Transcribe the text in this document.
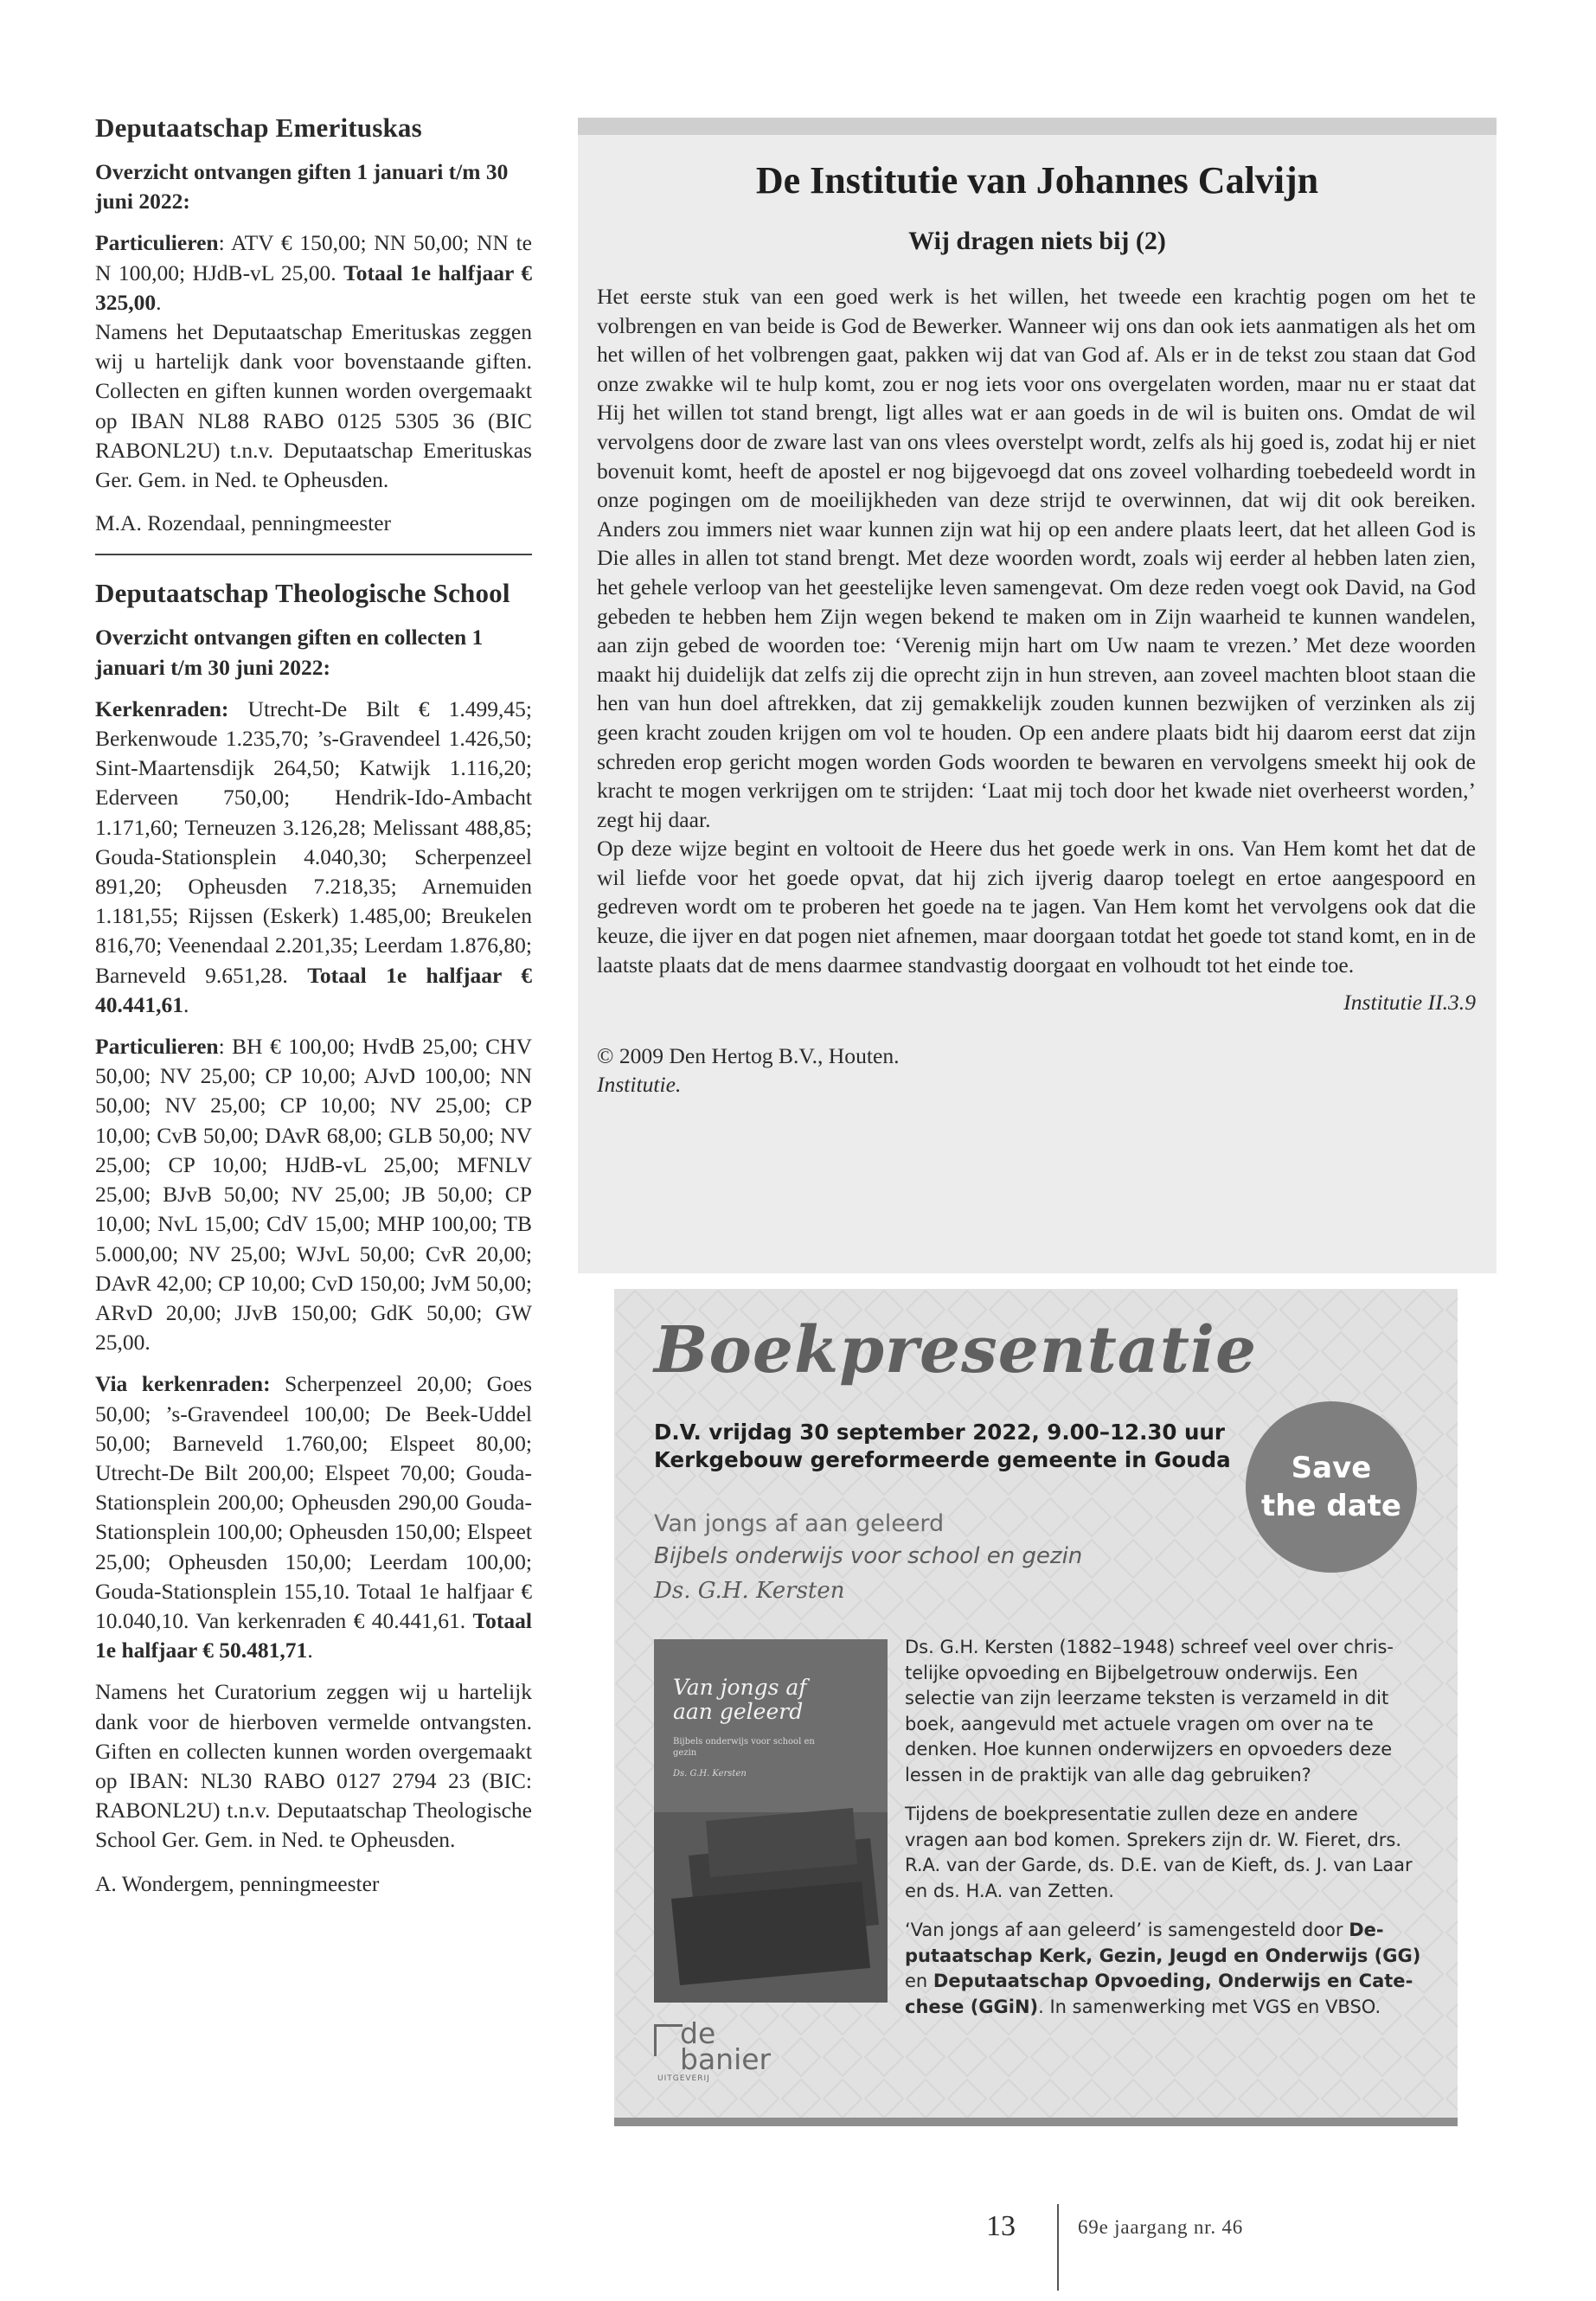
Deputaatschap Emerituskas
Overzicht ontvangen giften 1 januari t/m 30 juni 2022:

Particulieren: ATV € 150,00; NN 50,00; NN te N 100,00; HJdB-vL 25,00. Totaal 1e halfjaar € 325,00.

Namens het Deputaatschap Emerituskas zeggen wij u hartelijk dank voor bovenstaande giften. Collecten en giften kunnen worden overgemaakt op IBAN NL88 RABO 0125 5305 36 (BIC RABONL2U) t.n.v. Deputaatschap Emerituskas Ger. Gem. in Ned. te Opheusden.

M.A. Rozendaal, penningmeester

Deputaatschap Theologische School
Overzicht ontvangen giften en collecten 1 januari t/m 30 juni 2022:

Kerkenraden: Utrecht-De Bilt € 1.499,45; Berkenwoude 1.235,70; ’s-Gravendeel 1.426,50; Sint-Maartensdijk 264,50; Katwijk 1.116,20; Ederveen 750,00; Hendrik-Ido-Ambacht 1.171,60; Terneuzen 3.126,28; Melissant 488,85; Gouda-Stationsplein 4.040,30; Scherpenzeel 891,20; Opheusden 7.218,35; Arnemuiden 1.181,55; Rijssen (Eskerk) 1.485,00; Breukelen 816,70; Veenendaal 2.201,35; Leerdam 1.876,80; Barneveld 9.651,28. Totaal 1e halfjaar € 40.441,61.

Particulieren: BH € 100,00; HvdB 25,00; CHV 50,00; NV 25,00; CP 10,00; AJvD 100,00; NN 50,00; NV 25,00; CP 10,00; NV 25,00; CP 10,00; CvB 50,00; DAvR 68,00; GLB 50,00; NV 25,00; CP 10,00; HJdB-vL 25,00; MFNLV 25,00; BJvB 50,00; NV 25,00; JB 50,00; CP 10,00; NvL 15,00; CdV 15,00; MHP 100,00; TB 5.000,00; NV 25,00; WJvL 50,00; CvR 20,00; DAvR 42,00; CP 10,00; CvD 150,00; JvM 50,00; ARvD 20,00; JJvB 150,00; GdK 50,00; GW 25,00.

Via kerkenraden: Scherpenzeel 20,00; Goes 50,00; ’s-Gravendeel 100,00; De Beek-Uddel 50,00; Barneveld 1.760,00; Elspeet 80,00; Utrecht-De Bilt 200,00; Elspeet 70,00; Gouda-Stationsplein 200,00; Opheusden 290,00 Gouda-Stationsplein 100,00; Opheusden 150,00; Elspeet 25,00; Opheusden 150,00; Leerdam 100,00; Gouda-Stationsplein 155,10. Totaal 1e halfjaar € 10.040,10. Van kerkenraden € 40.441,61. Totaal 1e halfjaar € 50.481,71.

Namens het Curatorium zeggen wij u hartelijk dank voor de hierboven vermelde ontvangsten. Giften en collecten kunnen worden overgemaakt op IBAN: NL30 RABO 0127 2794 23 (BIC: RABONL2U) t.n.v. Deputaatschap Theologische School Ger. Gem. in Ned. te Opheusden.

A. Wondergem, penningmeester

De Institutie van Johannes Calvijn
Wij dragen niets bij (2)

Het eerste stuk van een goed werk is het willen, het tweede een krachtig pogen om het te volbrengen en van beide is God de Bewerker. Wanneer wij ons dan ook iets aanmatigen als het om het willen of het volbrengen gaat, pakken wij dat van God af. Als er in de tekst zou staan dat God onze zwakke wil te hulp komt, zou er nog iets voor ons overgelaten worden, maar nu er staat dat Hij het willen tot stand brengt, ligt alles wat er aan goeds in de wil is buiten ons. Omdat de wil vervolgens door de zware last van ons vlees overstelpt wordt, zelfs als hij goed is, zodat hij er niet bovenuit komt, heeft de apostel er nog bijgevoegd dat ons zoveel volharding toebedeeld wordt in onze pogingen om de moeilijkheden van deze strijd te overwinnen, dat wij dit ook bereiken. Anders zou immers niet waar kunnen zijn wat hij op een andere plaats leert, dat het alleen God is Die alles in allen tot stand brengt. Met deze woorden wordt, zoals wij eerder al hebben laten zien, het gehele verloop van het geestelijke leven samengevat. Om deze reden voegt ook David, na God gebeden te hebben hem Zijn wegen bekend te maken om in Zijn waarheid te kunnen wandelen, aan zijn gebed de woorden toe: ‘Verenig mijn hart om Uw naam te vrezen.’ Met deze woorden maakt hij duidelijk dat zelfs zij die oprecht zijn in hun streven, aan zoveel machten bloot staan die hen van hun doel aftrekken, dat zij gemakkelijk zouden kunnen bezwijken of verzinken als zij geen kracht zouden krijgen om vol te houden. Op een andere plaats bidt hij daarom eerst dat zijn schreden erop gericht mogen worden Gods woorden te bewaren en vervolgens smeekt hij ook de kracht te mogen verkrijgen om te strijden: ‘Laat mij toch door het kwade niet overheerst worden,’ zegt hij daar.

Op deze wijze begint en voltooit de Heere dus het goede werk in ons. Van Hem komt het dat de wil liefde voor het goede opvat, dat hij zich ijverig daarop toelegt en ertoe aangespoord en gedreven wordt om te proberen het goede na te jagen. Van Hem komt het vervolgens ook dat die keuze, die ijver en dat pogen niet afnemen, maar doorgaan totdat het goede tot stand komt, en in de laatste plaats dat de mens daarmee standvastig doorgaat en volhoudt tot het einde toe.

Institutie II.3.9
© 2009 Den Hertog B.V., Houten.
Institutie.
Boekpresentatie
D.V. vrijdag 30 september 2022, 9.00–12.30 uur
Kerkgebouw gereformeerde gemeente in Gouda	Save
the date
Van jongs af aan geleerd
Bijbels onderwijs voor school en gezin
Ds. G.H. Kersten
Van jongs af
aan geleerd
Bijbels onderwijs voor school en gezin
Ds. G.H. Kersten

Ds. G.H. Kersten (1882–1948) schreef veel over christelijke opvoeding en Bijbelgetrouw onderwijs. Een selectie van zijn leerzame teksten is verzameld in dit boek, aangevuld met actuele vragen om over na te denken. Hoe kunnen onderwijzers en opvoeders deze lessen in de praktijk van alle dag gebruiken?

Tijdens de boekpresentatie zullen deze en andere vragen aan bod komen. Sprekers zijn dr. W. Fieret, drs. R.A. van der Garde, ds. D.E. van de Kieft, ds. J. van Laar en ds. H.A. van Zetten.

‘Van jongs af aan geleerd’ is samengesteld door Deputaatschap Kerk, Gezin, Jeugd en Onderwijs (GG) en Deputaatschap Opvoeding, Onderwijs en Catechese (GGiN). In samenwerking met VGS en VBSO.

de
banier
UITGEVERIJ
13	69e jaargang nr. 46
